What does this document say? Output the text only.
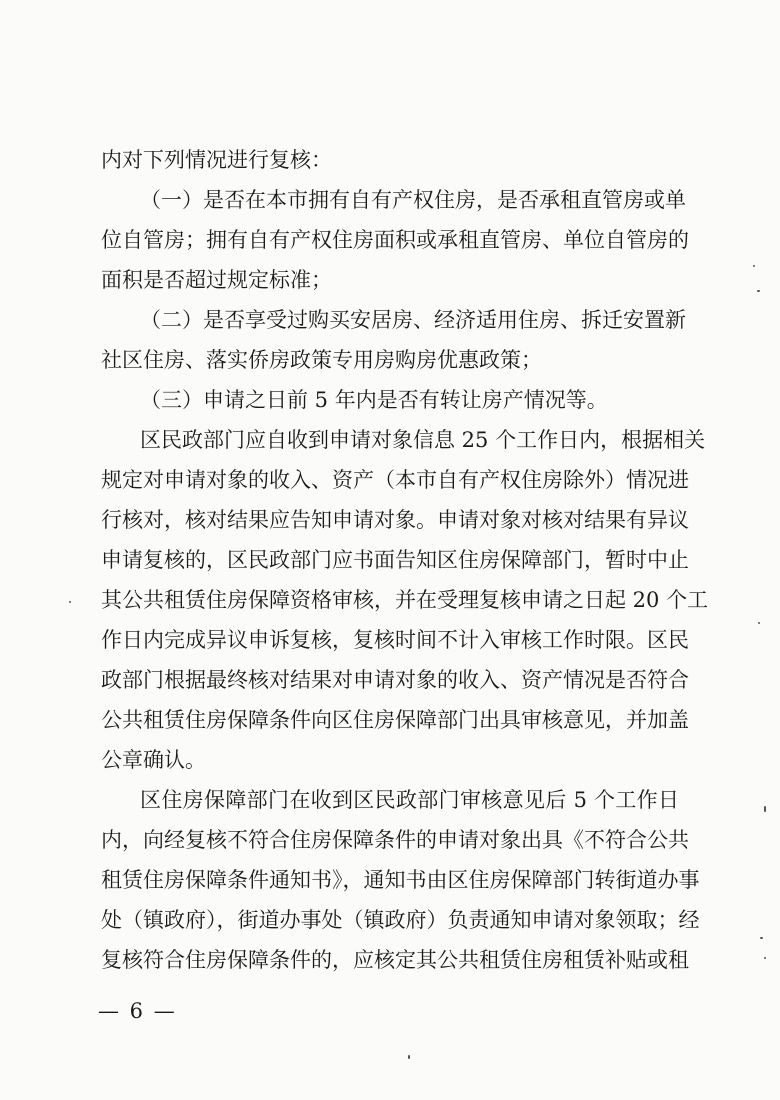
内对下列情况进行复核：
（一）是否在本市拥有自有产权住房，是否承租直管房或单
位自管房；拥有自有产权住房面积或承租直管房、单位自管房的
面积是否超过规定标准；
（二）是否享受过购买安居房、经济适用住房、拆迁安置新
社区住房、落实侨房政策专用房购房优惠政策；
（三）申请之日前 5 年内是否有转让房产情况等。
区民政部门应自收到申请对象信息 25 个工作日内，根据相关
规定对申请对象的收入、资产（本市自有产权住房除外）情况进
行核对，核对结果应告知申请对象。申请对象对核对结果有异议
申请复核的，区民政部门应书面告知区住房保障部门，暂时中止
其公共租赁住房保障资格审核，并在受理复核申请之日起 20 个工
作日内完成异议申诉复核，复核时间不计入审核工作时限。区民
政部门根据最终核对结果对申请对象的收入、资产情况是否符合
公共租赁住房保障条件向区住房保障部门出具审核意见，并加盖
公章确认。
区住房保障部门在收到区民政部门审核意见后 5 个工作日
内，向经复核不符合住房保障条件的申请对象出具《不符合公共
租赁住房保障条件通知书》，通知书由区住房保障部门转街道办事
处（镇政府），街道办事处（镇政府）负责通知申请对象领取；经
复核符合住房保障条件的，应核定其公共租赁住房租赁补贴或租
— 6 —
